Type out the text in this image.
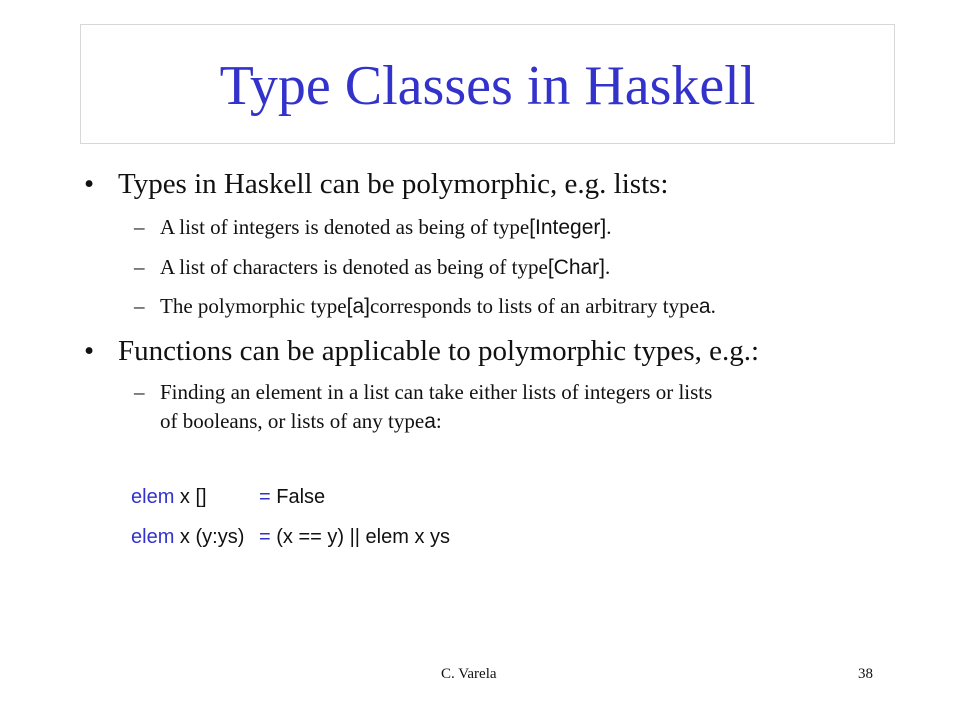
Type Classes in Haskell
• Types in Haskell can be polymorphic, e.g. lists:
– A list of integers is denoted as being of type [Integer] .
– A list of characters is denoted as being of type [Char] .
– The polymorphic type [a] corresponds to lists of an arbitrary type a .
• Functions can be applicable to polymorphic types, e.g.:
– Finding an element in a list can take either lists of integers or lists
of booleans, or lists of any type a :
elem x []	= False
elem x (y:ys) = (x == y) || elem x ys
C. Varela	38
